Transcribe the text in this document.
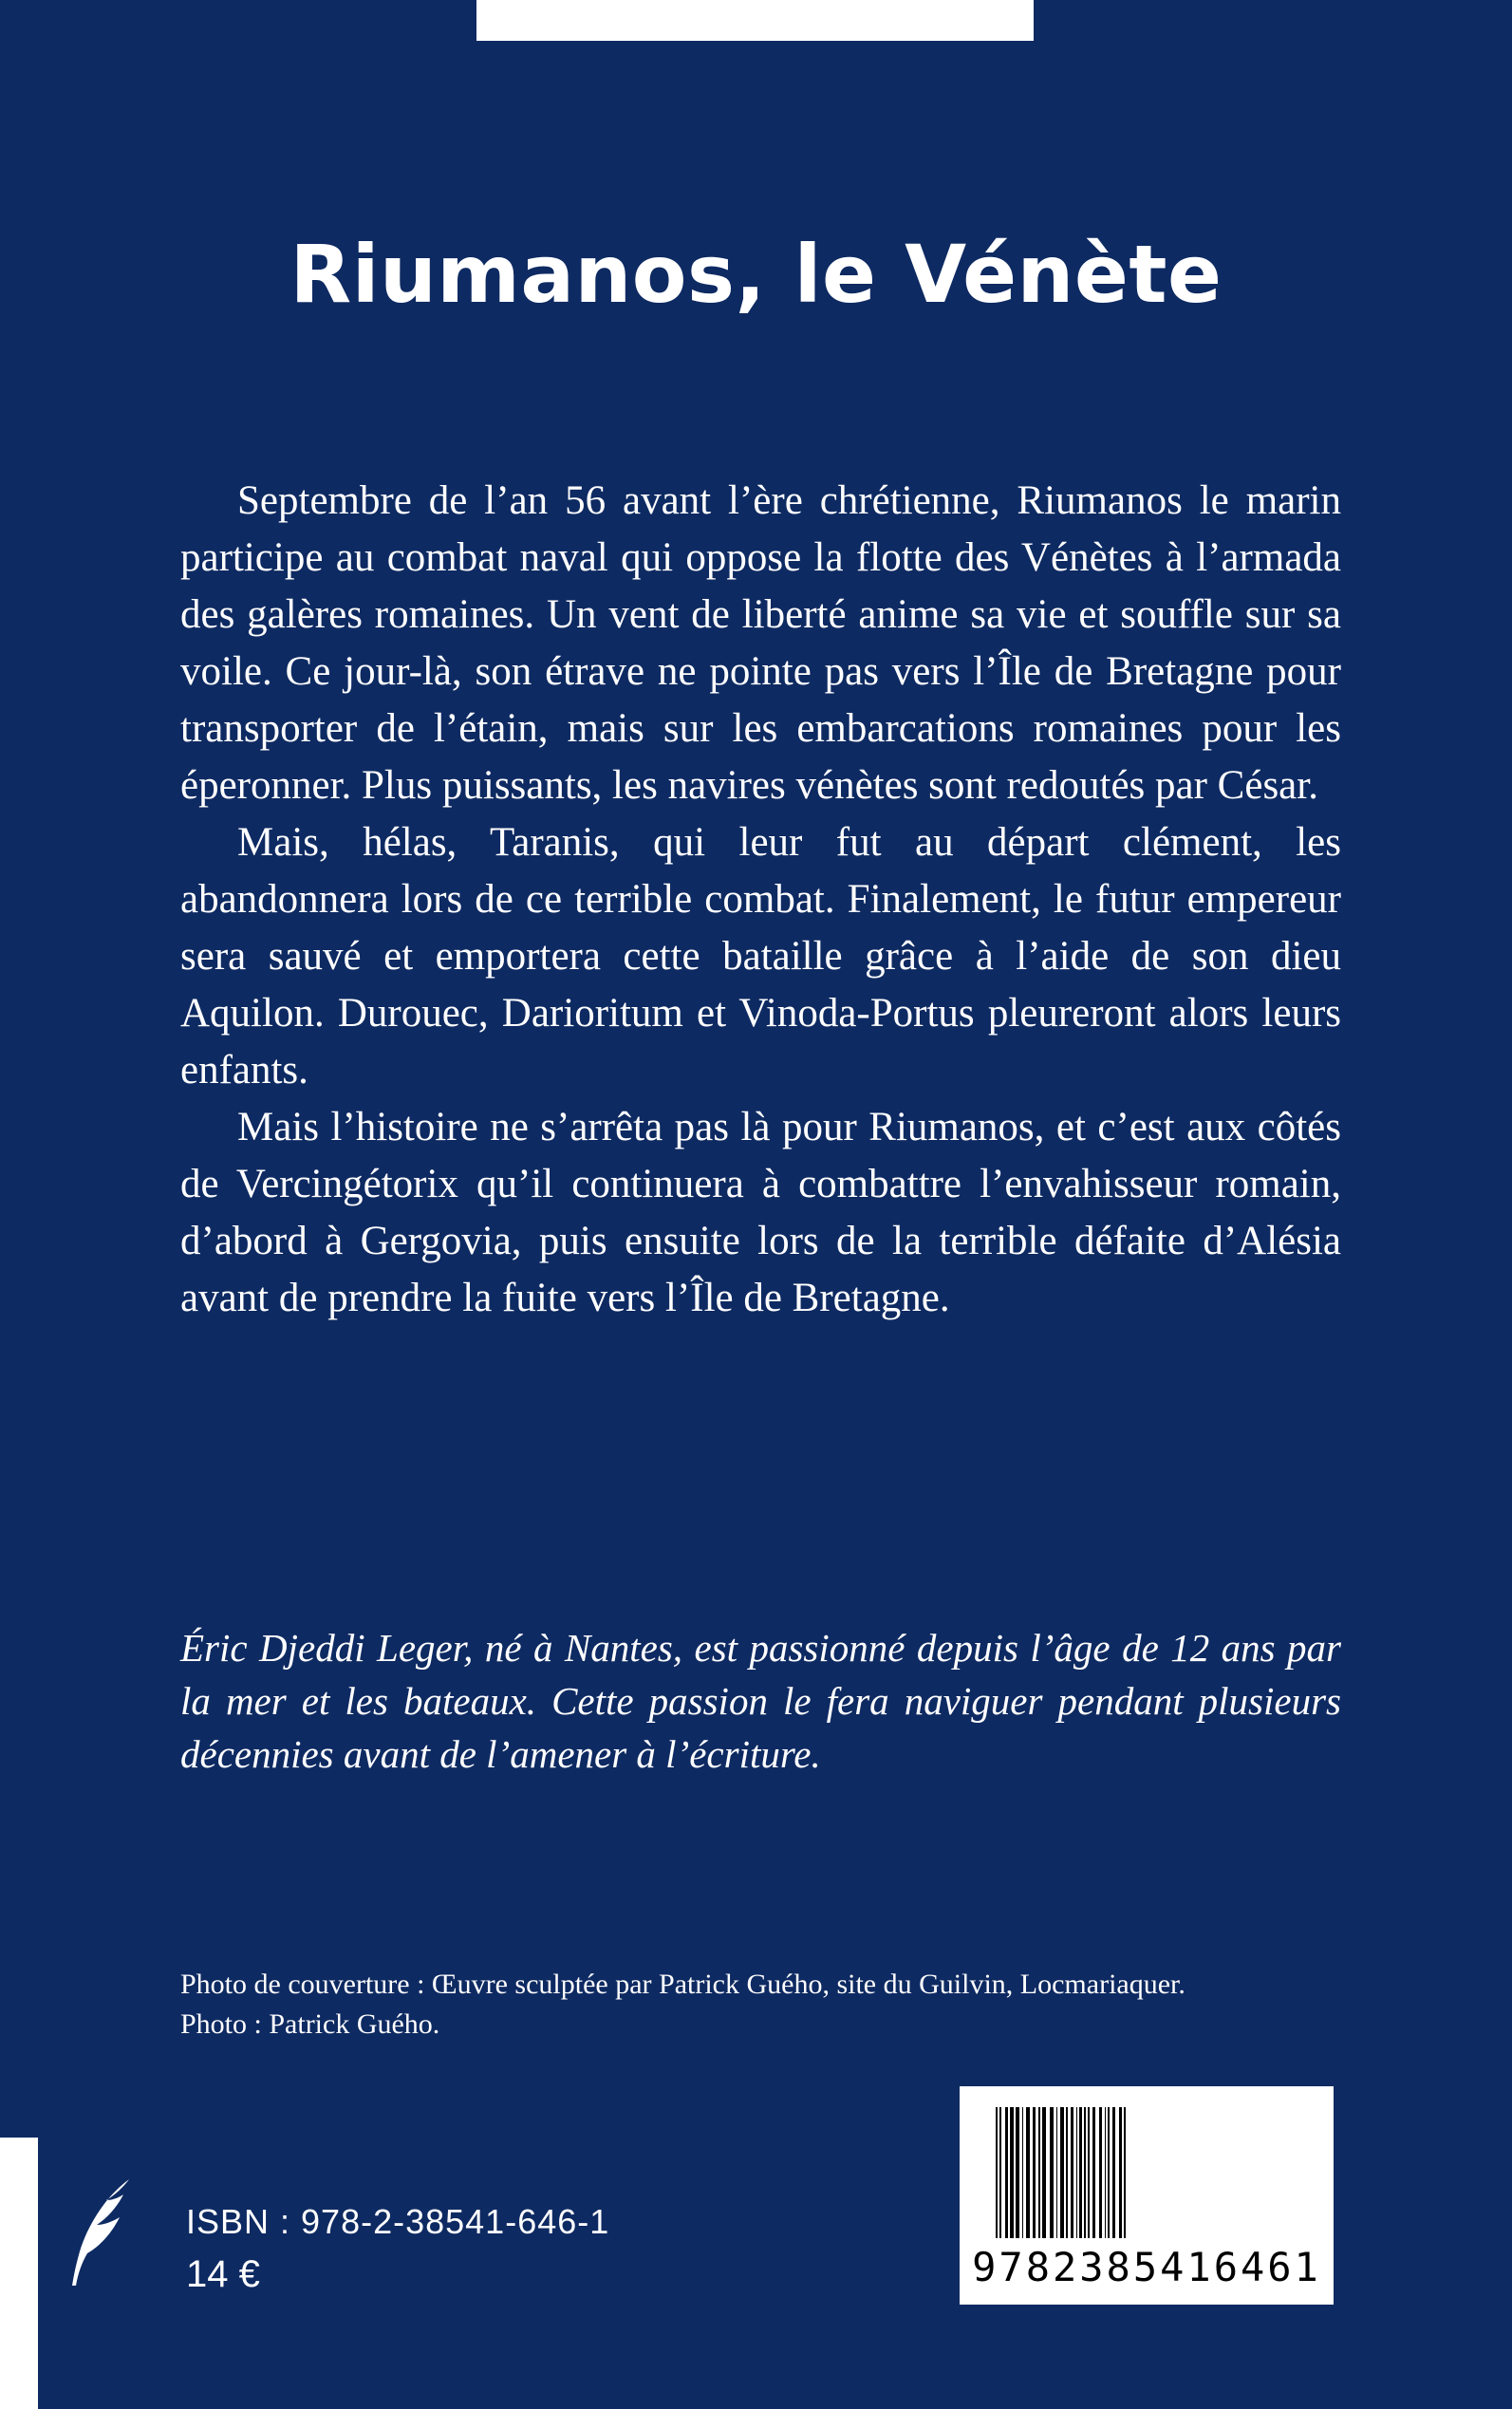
Riumanos, le Vénète

Septembre de l’an 56 avant l’ère chrétienne, Riumanos le marin participe au combat naval qui oppose la flotte des Vénètes à l’armada des galères romaines. Un vent de liberté anime sa vie et souffle sur sa voile. Ce jour-là, son étrave ne pointe pas vers l’Île de Bretagne pour transporter de l’étain, mais sur les embarcations romaines pour les éperonner. Plus puissants, les navires vénètes sont redoutés par César.

Mais, hélas, Taranis, qui leur fut au départ clément, les abandonnera lors de ce terrible combat. Finalement, le futur empereur sera sauvé et emportera cette bataille grâce à l’aide de son dieu Aquilon. Durouec, Darioritum et Vinoda-Portus pleureront alors leurs enfants.

Mais l’histoire ne s’arrêta pas là pour Riumanos, et c’est aux côtés de Vercingétorix qu’il continuera à combattre l’envahisseur romain, d’abord à Gergovia, puis ensuite lors de la terrible défaite d’Alésia avant de prendre la fuite vers l’Île de Bretagne.

Éric Djeddi Leger, né à Nantes, est passionné depuis l’âge de 12 ans par la mer et les bateaux. Cette passion le fera naviguer pendant plusieurs décennies avant de l’amener à l’écriture.

Photo de couverture : Œuvre sculptée par Patrick Guého, site du Guilvin, Locmariaquer.
Photo : Patrick Guého.
ISBN : 978-2-38541-646-1
14 €	9782385416461
